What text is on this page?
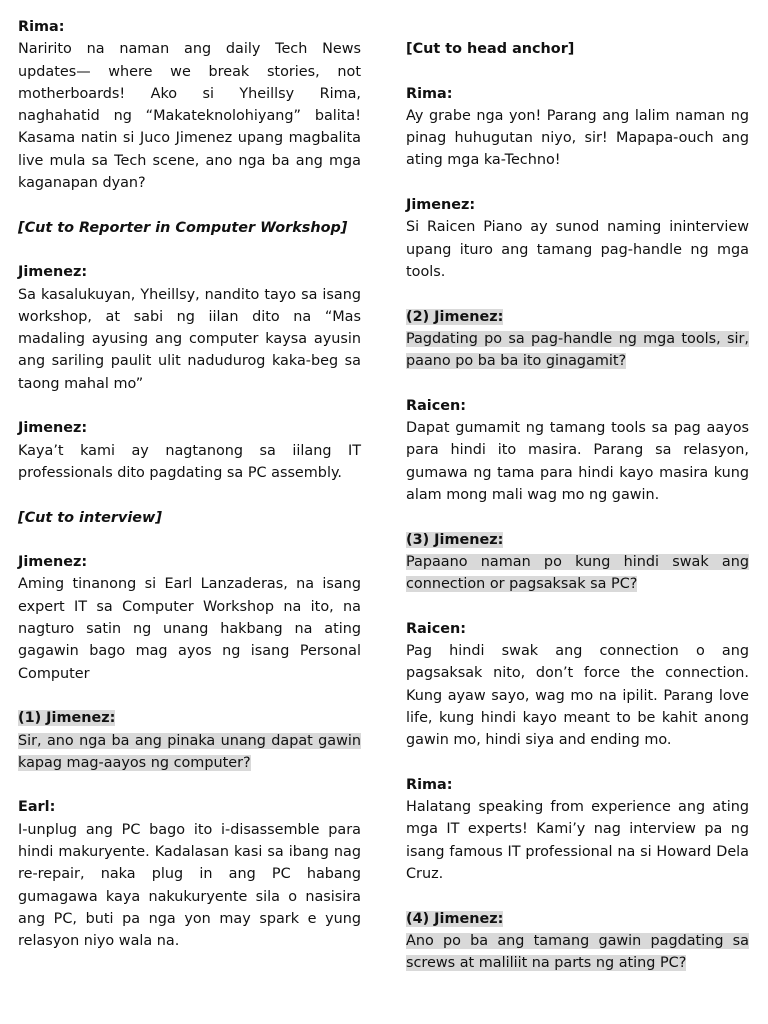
Rima:

Naririto na naman ang daily Tech News updates— where we break stories, not motherboards! Ako si Yheillsy Rima, naghahatid ng “Makateknolohiyang” balita! Kasama natin si Juco Jimenez upang magbalita live mula sa Tech scene, ano nga ba ang mga kaganapan dyan?

[Cut to Reporter in Computer Workshop]

Jimenez:

Sa kasalukuyan, Yheillsy, nandito tayo sa isang workshop, at sabi ng iilan dito na “Mas madaling ayusing ang computer kaysa ayusin ang sariling paulit ulit nadudurog kaka-beg sa taong mahal mo”

Jimenez:

Kaya’t kami ay nagtanong sa iilang IT professionals dito pagdating sa PC assembly.

[Cut to interview]

Jimenez:

Aming tinanong si Earl Lanzaderas, na isang expert IT sa Computer Workshop na ito, na nagturo satin ng unang hakbang na ating gagawin bago mag ayos ng isang Personal Computer

(1) Jimenez:

Sir, ano nga ba ang pinaka unang dapat gawin kapag mag-aayos ng computer?

Earl:

I-unplug ang PC bago ito i-disassemble para hindi makuryente. Kadalasan kasi sa ibang nag re-repair, naka plug in ang PC habang gumagawa kaya nakukuryente sila o nasisira ang PC, buti pa nga yon may spark e yung relasyon niyo wala na.

[Cut to head anchor]

Rima:

Ay grabe nga yon! Parang ang lalim naman ng pinag huhugutan niyo, sir! Mapapa-ouch ang ating mga ka-Techno!

Jimenez:

Si Raicen Piano ay sunod naming ininterview upang ituro ang tamang pag-handle ng mga tools.

(2) Jimenez:

Pagdating po sa pag-handle ng mga tools, sir, paano po ba ba ito ginagamit?

Raicen:

Dapat gumamit ng tamang tools sa pag aayos para hindi ito masira. Parang sa relasyon, gumawa ng tama para hindi kayo masira kung alam mong mali wag mo ng gawin.

(3) Jimenez:

Papaano naman po kung hindi swak ang connection or pagsaksak sa PC?

Raicen:

Pag hindi swak ang connection o ang pagsaksak nito, don’t force the connection. Kung ayaw sayo, wag mo na ipilit. Parang love life, kung hindi kayo meant to be kahit anong gawin mo, hindi siya and ending mo.

Rima:

Halatang speaking from experience ang ating mga IT experts! Kami’y nag interview pa ng isang famous IT professional na si Howard Dela Cruz.

(4) Jimenez:

Ano po ba ang tamang gawin pagdating sa screws at maliliit na parts ng ating PC?
